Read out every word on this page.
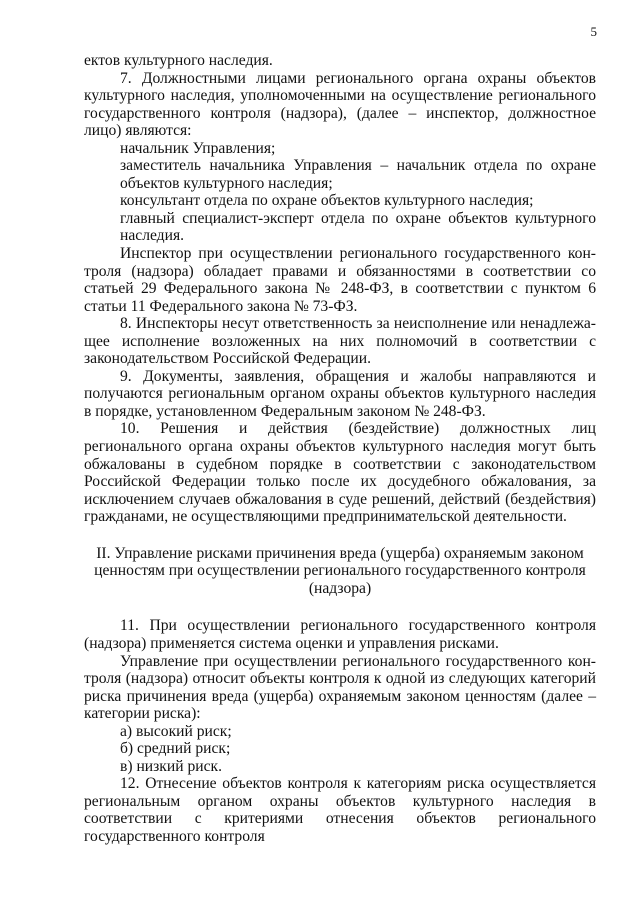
5

ектов культурного наследия.

7. Должностными лицами регионального органа охраны объектов культурного наследия, уполномоченными на осуществление регионального государственного контроля (надзора), (далее – инспектор, должностное лицо) являются:

начальник Управления;

заместитель начальника Управления – начальник отдела по охране объектов культурного наследия;

консультант отдела по охране объектов культурного наследия;

главный специалист-эксперт отдела по охране объектов культурного наследия.

Инспектор при осуществлении регионального государственного контроля (надзора) обладает правами и обязанностями в соответствии со статьей 29 Федерального закона № 248-ФЗ, в соответствии с пунктом 6 статьи 11 Федерального закона № 73-ФЗ.

8. Инспекторы несут ответственность за неисполнение или ненадлежащее исполнение возложенных на них полномочий в соответствии с законодательством Российской Федерации.

9. Документы, заявления, обращения и жалобы направляются и получаются региональным органом охраны объектов культурного наследия в порядке, установленном Федеральным законом № 248-ФЗ.

10. Решения и действия (бездействие) должностных лиц регионального органа охраны объектов культурного наследия могут быть обжалованы в судебном порядке в соответствии с законодательством Российской Федерации только после их досудебного обжалования, за исключением случаев обжалования в суде решений, действий (бездействия) гражданами, не осуществляющими предпринимательской деятельности.

II. Управление рисками причинения вреда (ущерба) охраняемым законом ценностям при осуществлении регионального государственного контроля (надзора)

11. При осуществлении регионального государственного контроля (надзора) применяется система оценки и управления рисками.

Управление при осуществлении регионального государственного контроля (надзора) относит объекты контроля к одной из следующих категорий риска причинения вреда (ущерба) охраняемым законом ценностям (далее – категории риска):

а) высокий риск;

б) средний риск;

в) низкий риск.

12. Отнесение объектов контроля к категориям риска осуществляется региональным органом охраны объектов культурного наследия в соответствии с критериями отнесения объектов регионального государственного контроля
